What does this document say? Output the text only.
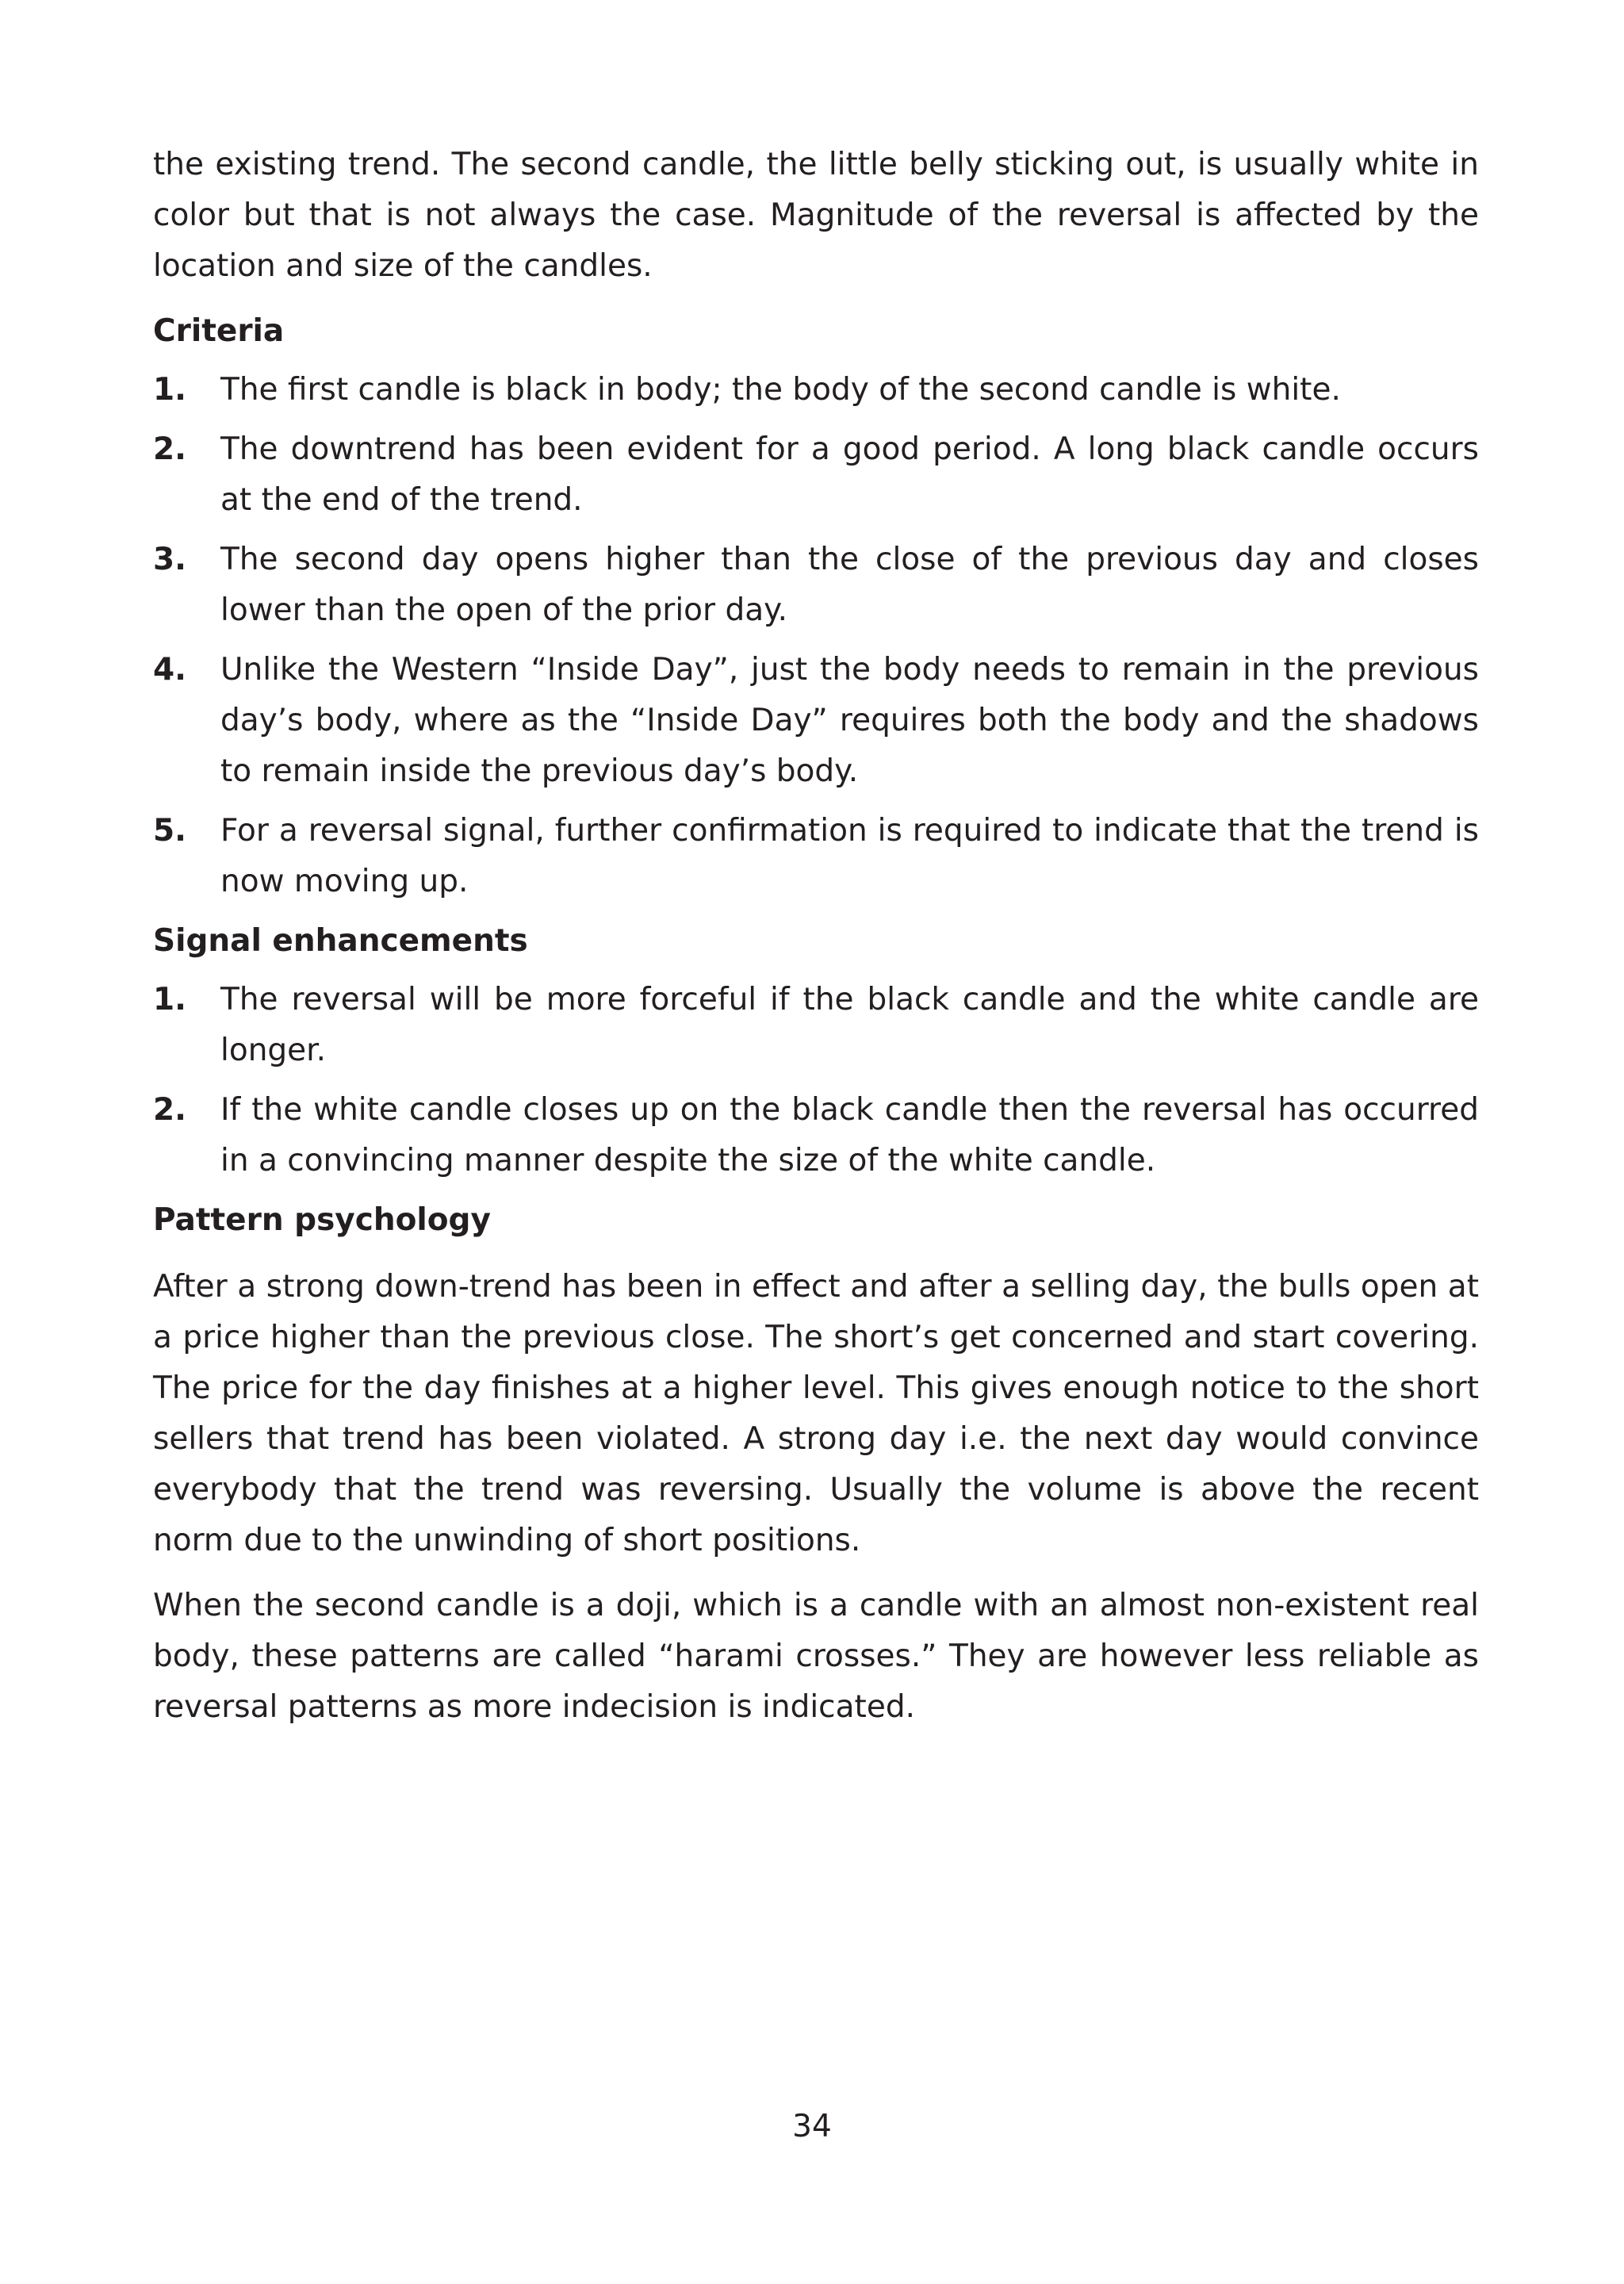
the existing trend. The second candle, the little belly sticking out, is usually white in color but that is not always the case. Magnitude of the reversal is affected by the location and size of the candles.

Criteria
1. The first candle is black in body; the body of the second candle is white.
2. The downtrend has been evident for a good period. A long black candle occurs at the end of the trend.
3. The second day opens higher than the close of the previous day and closes lower than the open of the prior day.
4. Unlike the Western “Inside Day”, just the body needs to remain in the previous day’s body, where as the “Inside Day” requires both the body and the shadows to remain inside the previous day’s body.
5. For a reversal signal, further confirmation is required to indicate that the trend is now moving up.
Signal enhancements
1. The reversal will be more forceful if the black candle and the white candle are longer.
2. If the white candle closes up on the black candle then the reversal has occurred in a convincing manner despite the size of the white candle.
Pattern psychology

After a strong down-trend has been in effect and after a selling day, the bulls open at a price higher than the previous close. The short’s get concerned and start covering. The price for the day finishes at a higher level. This gives enough notice to the short sellers that trend has been violated. A strong day i.e. the next day would convince everybody that the trend was reversing. Usually the volume is above the recent norm due to the unwinding of short positions.

When the second candle is a doji, which is a candle with an almost non-existent real body, these patterns are called “harami crosses.” They are however less reliable as reversal patterns as more indecision is indicated.

34
